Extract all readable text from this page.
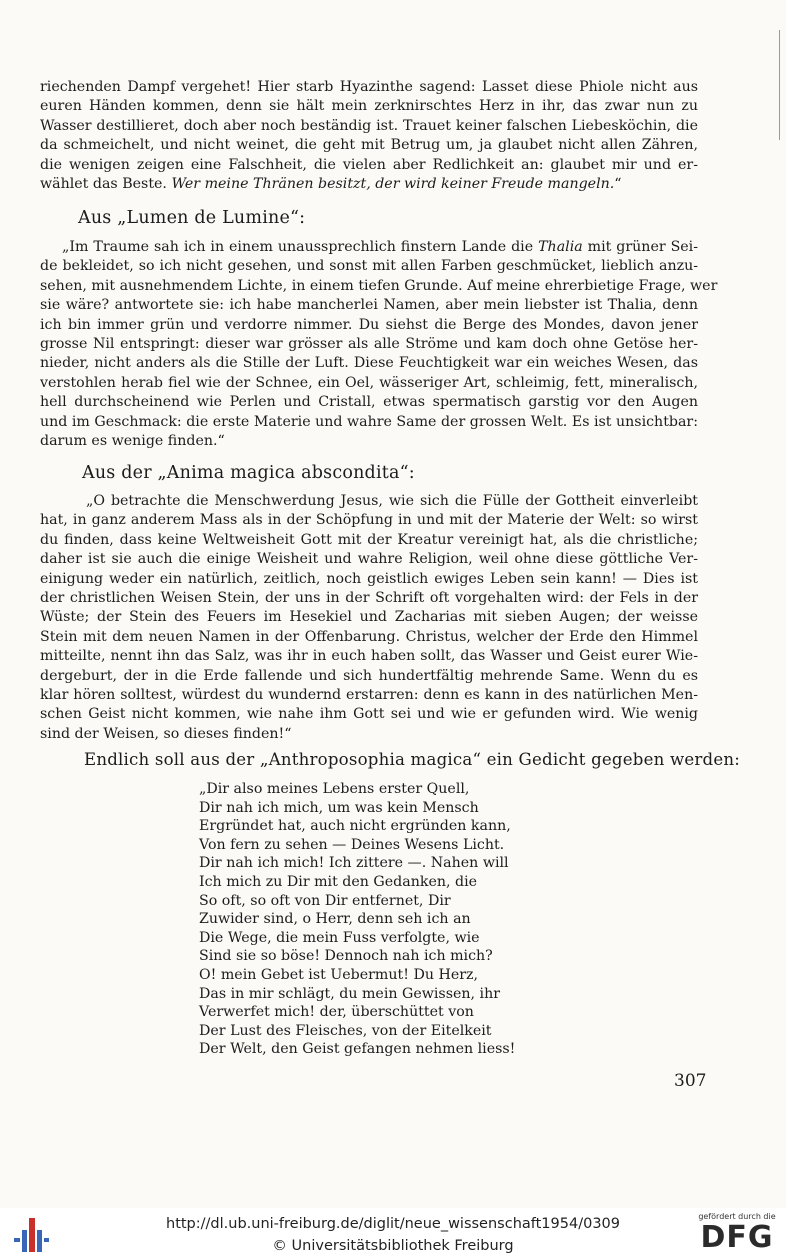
riechenden Dampf vergehet! Hier starb Hyazinthe sagend: Lasset diese Phiole nicht aus
euren Händen kommen, denn sie hält mein zerknirschtes Herz in ihr, das zwar nun zu
Wasser destillieret, doch aber noch beständig ist. Trauet keiner falschen Liebesköchin, die
da schmeichelt, und nicht weinet, die geht mit Betrug um, ja glaubet nicht allen Zähren,
die wenigen zeigen eine Falschheit, die vielen aber Redlichkeit an: glaubet mir und er-
wählet das Beste. Wer meine Thränen besitzt, der wird keiner Freude mangeln.“

Aus „Lumen de Lumine“:

„Im Traume sah ich in einem unaussprechlich finstern Lande die Thalia mit grüner Sei-
de bekleidet, so ich nicht gesehen, und sonst mit allen Farben geschmücket, lieblich anzu-
sehen, mit ausnehmendem Lichte, in einem tiefen Grunde. Auf meine ehrerbietige Frage, wer
sie wäre? antwortete sie: ich habe mancherlei Namen, aber mein liebster ist Thalia, denn
ich bin immer grün und verdorre nimmer. Du siehst die Berge des Mondes, davon jener
grosse Nil entspringt: dieser war grösser als alle Ströme und kam doch ohne Getöse her-
nieder, nicht anders als die Stille der Luft. Diese Feuchtigkeit war ein weiches Wesen, das
verstohlen herab fiel wie der Schnee, ein Oel, wässeriger Art, schleimig, fett, mineralisch,
hell durchscheinend wie Perlen und Cristall, etwas spermatisch garstig vor den Augen
und im Geschmack: die erste Materie und wahre Same der grossen Welt. Es ist unsichtbar:
darum es wenige finden.“

Aus der „Anima magica abscondita“:

„O betrachte die Menschwerdung Jesus, wie sich die Fülle der Gottheit einverleibt
hat, in ganz anderem Mass als in der Schöpfung in und mit der Materie der Welt: so wirst
du finden, dass keine Weltweisheit Gott mit der Kreatur vereinigt hat, als die christliche;
daher ist sie auch die einige Weisheit und wahre Religion, weil ohne diese göttliche Ver-
einigung weder ein natürlich, zeitlich, noch geistlich ewiges Leben sein kann! — Dies ist
der christlichen Weisen Stein, der uns in der Schrift oft vorgehalten wird: der Fels in der
Wüste; der Stein des Feuers im Hesekiel und Zacharias mit sieben Augen; der weisse
Stein mit dem neuen Namen in der Offenbarung. Christus, welcher der Erde den Himmel
mitteilte, nennt ihn das Salz, was ihr in euch haben sollt, das Wasser und Geist eurer Wie-
dergeburt, der in die Erde fallende und sich hundertfältig mehrende Same. Wenn du es
klar hören solltest, würdest du wundernd erstarren: denn es kann in des natürlichen Men-
schen Geist nicht kommen, wie nahe ihm Gott sei und wie er gefunden wird. Wie wenig
sind der Weisen, so dieses finden!“

Endlich soll aus der „Anthroposophia magica“ ein Gedicht gegeben werden:
„Dir also meines Lebens erster Quell,
Dir nah ich mich, um was kein Mensch
Ergründet hat, auch nicht ergründen kann,
Von fern zu sehen — Deines Wesens Licht.
Dir nah ich mich! Ich zittere —. Nahen will
Ich mich zu Dir mit den Gedanken, die
So oft, so oft von Dir entfernet, Dir
Zuwider sind, o Herr, denn seh ich an
Die Wege, die mein Fuss verfolgte, wie
Sind sie so böse! Dennoch nah ich mich?
O! mein Gebet ist Uebermut! Du Herz,
Das in mir schlägt, du mein Gewissen, ihr
Verwerfet mich! der, überschüttet von
Der Lust des Fleisches, von der Eitelkeit
Der Welt, den Geist gefangen nehmen liess!

307

http://dl.ub.uni-freiburg.de/diglit/neue_wissenschaft1954/0309
© Universitätsbibliothek Freiburg
gefördert durch die
DFG
